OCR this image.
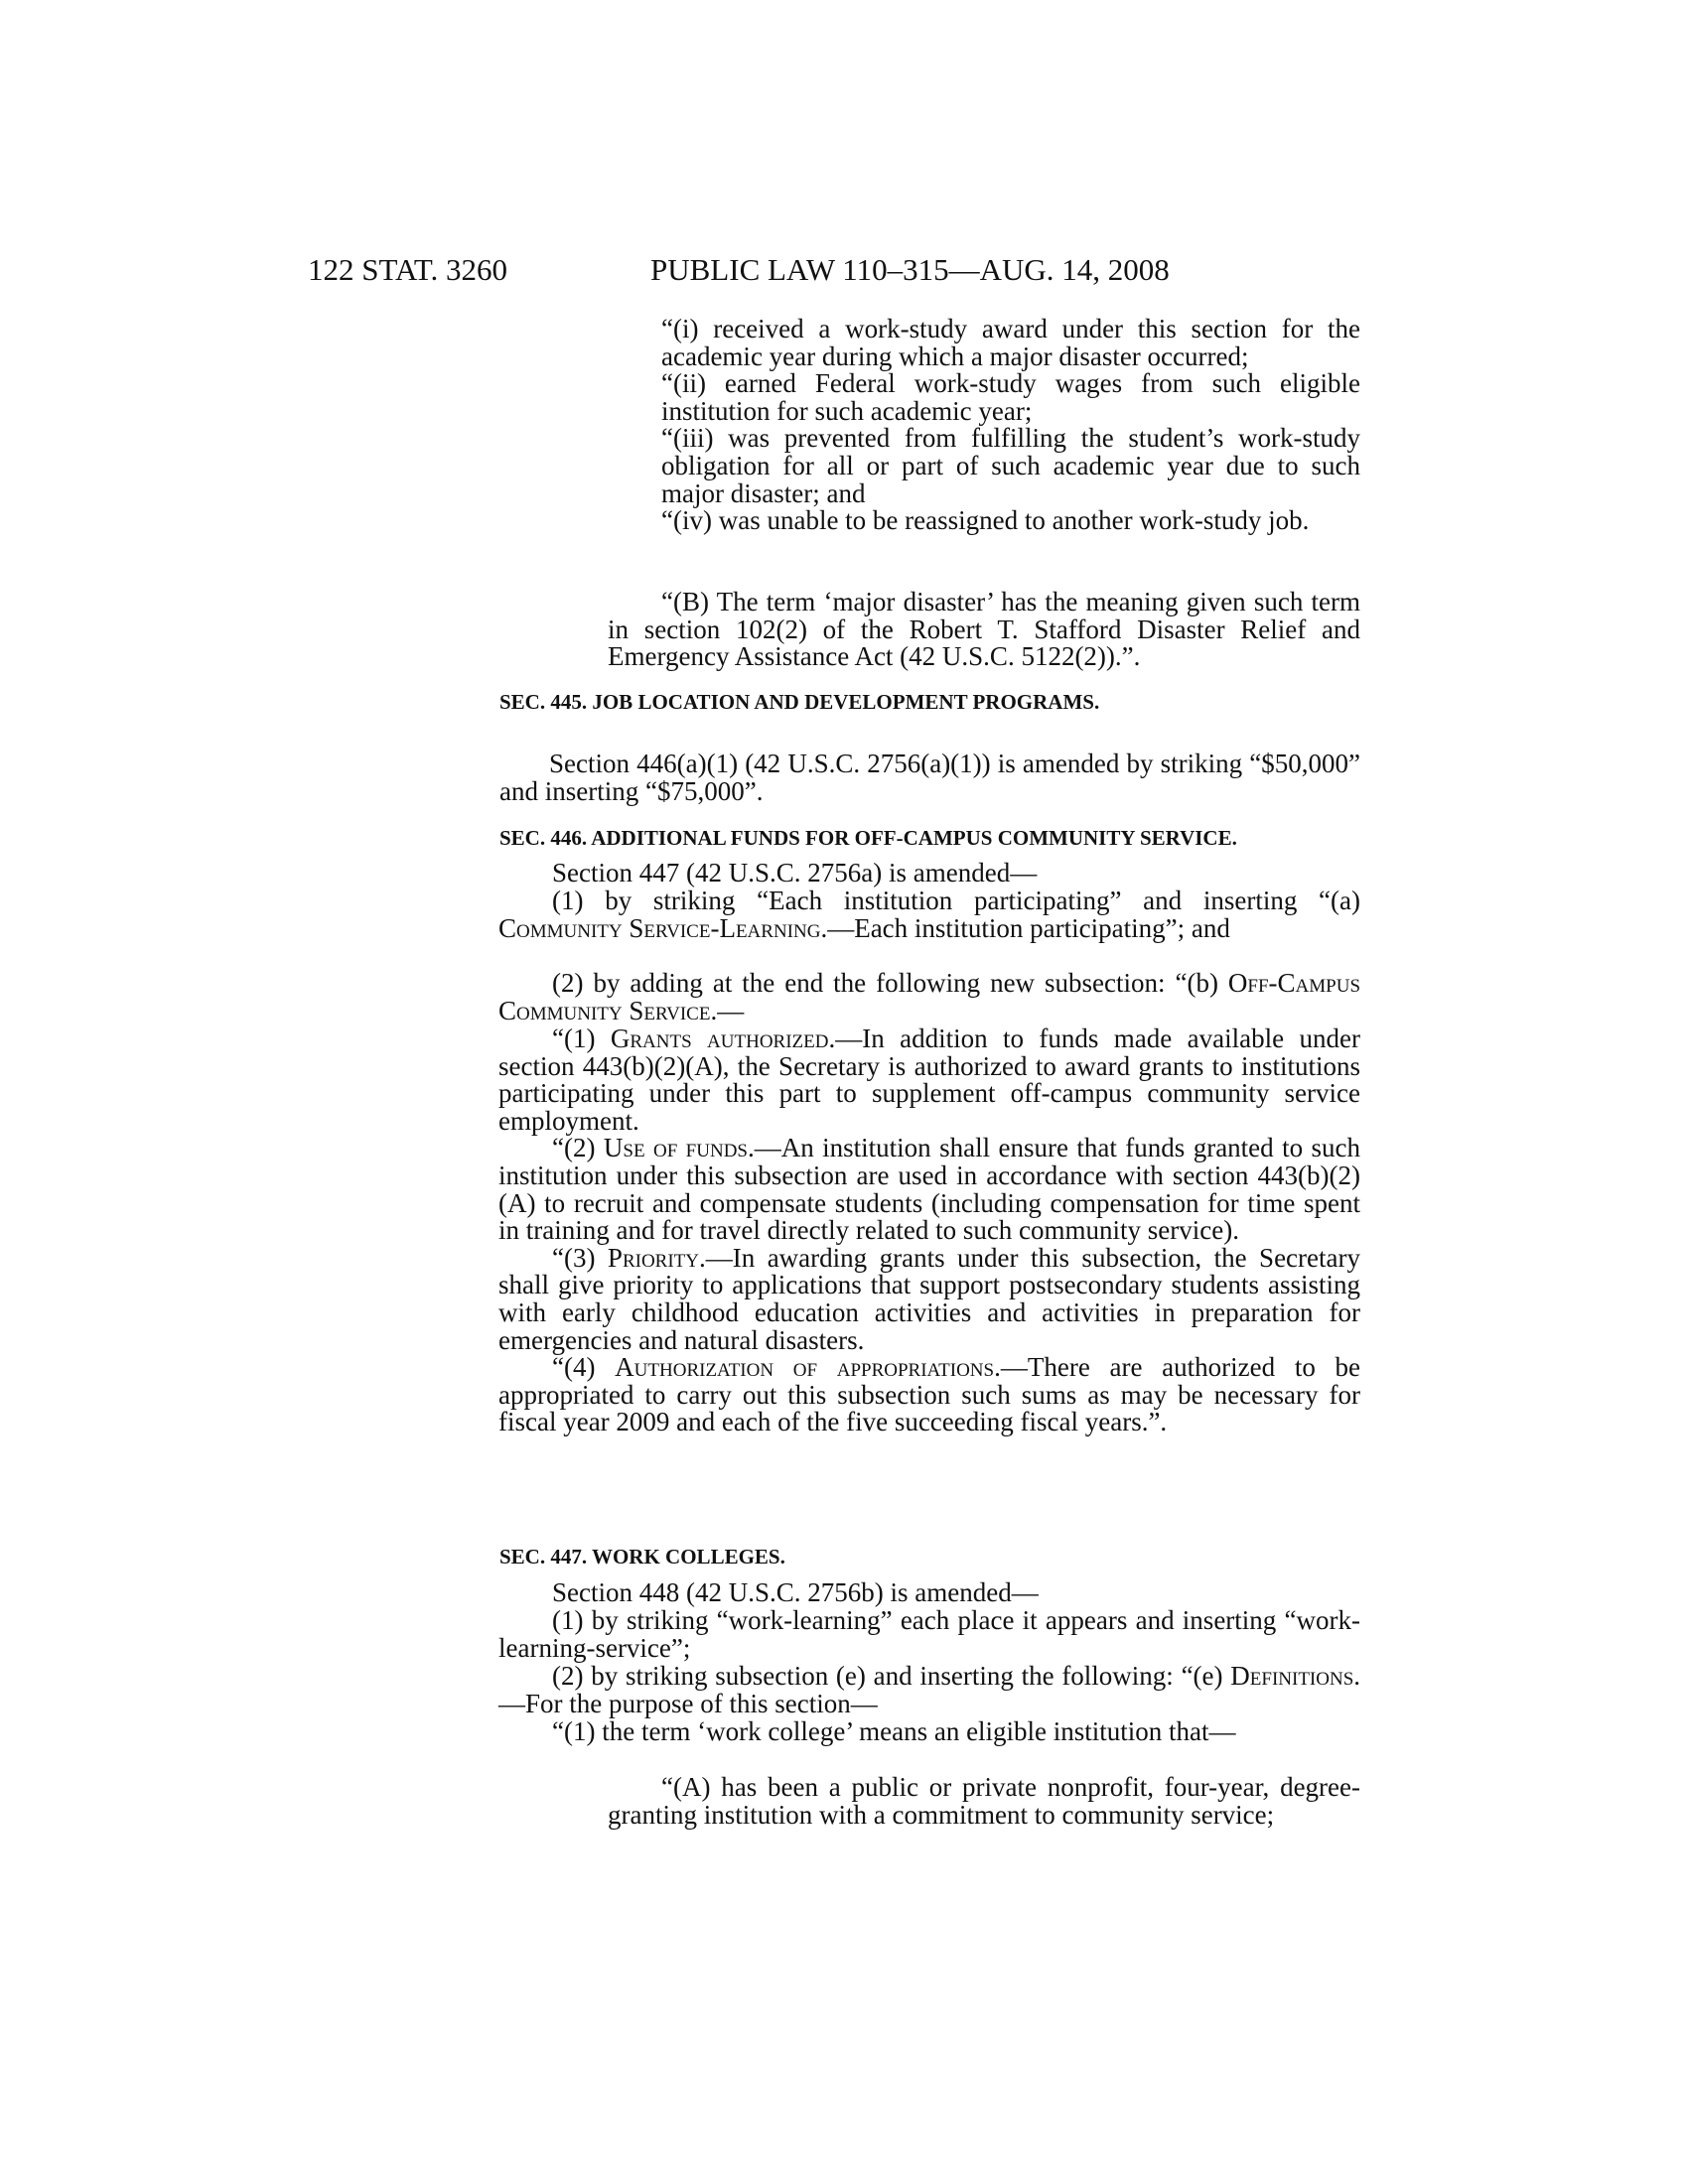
122 STAT. 3260	PUBLIC LAW 110–315—AUG. 14, 2008

“(i) received a work-study award under this section for the academic year during which a major disaster occurred;

“(ii) earned Federal work-study wages from such eligible institution for such academic year;

“(iii) was prevented from fulfilling the student’s work-study obligation for all or part of such academic year due to such major disaster; and

“(iv) was unable to be reassigned to another work-study job.

“(B) The term ‘major disaster’ has the meaning given such term in section 102(2) of the Robert T. Stafford Disaster Relief and Emergency Assistance Act (42 U.S.C. 5122(2)).”.

SEC. 445. JOB LOCATION AND DEVELOPMENT PROGRAMS.

Section 446(a)(1) (42 U.S.C. 2756(a)(1)) is amended by striking “$50,000” and inserting “$75,000”.

SEC. 446. ADDITIONAL FUNDS FOR OFF-CAMPUS COMMUNITY SERVICE.

Section 447 (42 U.S.C. 2756a) is amended—

(1) by striking “Each institution participating” and inserting “(a) Community Service-Learning.—Each institution participating”; and

(2) by adding at the end the following new subsection: “(b) Off-Campus Community Service.—

“(1) Grants authorized.—In addition to funds made available under section 443(b)(2)(A), the Secretary is authorized to award grants to institutions participating under this part to supplement off-campus community service employment.

“(2) Use of funds.—An institution shall ensure that funds granted to such institution under this subsection are used in accordance with section 443(b)(2)(A) to recruit and compensate students (including compensation for time spent in training and for travel directly related to such community service).

“(3) Priority.—In awarding grants under this subsection, the Secretary shall give priority to applications that support postsecondary students assisting with early childhood education activities and activities in preparation for emergencies and natural disasters.

“(4) Authorization of appropriations.—There are authorized to be appropriated to carry out this subsection such sums as may be necessary for fiscal year 2009 and each of the five succeeding fiscal years.”.

SEC. 447. WORK COLLEGES.

Section 448 (42 U.S.C. 2756b) is amended—

(1) by striking “work-learning” each place it appears and inserting “work-learning-service”;

(2) by striking subsection (e) and inserting the following: “(e) Definitions.—For the purpose of this section—

“(1) the term ‘work college’ means an eligible institution that—

“(A) has been a public or private nonprofit, four-year, degree-granting institution with a commitment to community service;
